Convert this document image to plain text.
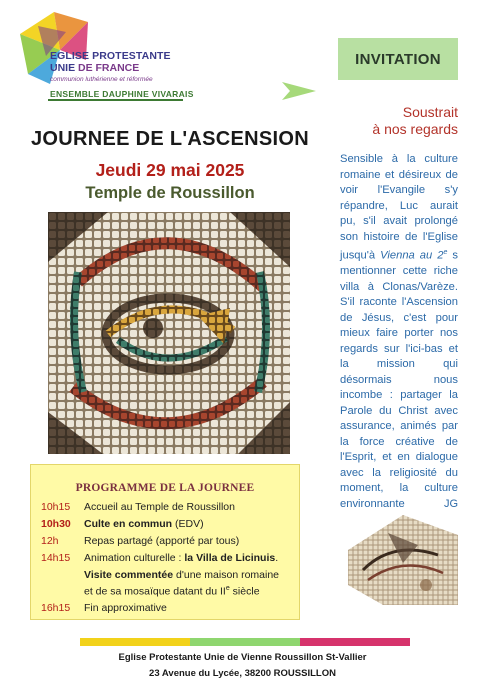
EGLISE PROTESTANTE
UNIE DE FRANCE
communion luthérienne et réformée
ENSEMBLE DAUPHINE VIVARAIS
INVITATION
Soustrait
à nos regards
Sensible à la culture romaine et désireux de voir l'Evangile s'y répandre, Luc aurait pu, s'il avait prolongé son histoire de l'Eglise jusqu'à Vienna au 2e s mentionner cette riche villa à Clonas/Varèze. S'il raconte l'Ascension de Jésus, c'est pour mieux faire porter nos regards sur l'ici-bas et la mission qui désormais nous incombe : partager la Parole du Christ avec assurance, animés par la force créative de l'Esprit, et en dialogue avec la religiosité du moment, la culture environnante	JG
JOURNEE DE L'ASCENSION
Jeudi 29 mai 2025
Temple de Roussillon
PROGRAMME DE LA JOURNEE
10h15 Accueil au Temple de Roussillon
10h30 Culte en commun (EDV)
12h Repas partagé (apporté par tous)
14h15 Animation culturelle : la Villa de Licinuis.
Visite commentée d'une maison romaine
et de sa mosaïque datant du IIe siècle
16h15 Fin approximative
Eglise Protestante Unie de Vienne Roussillon St-Vallier
23 Avenue du Lycée, 38200 ROUSSILLON
